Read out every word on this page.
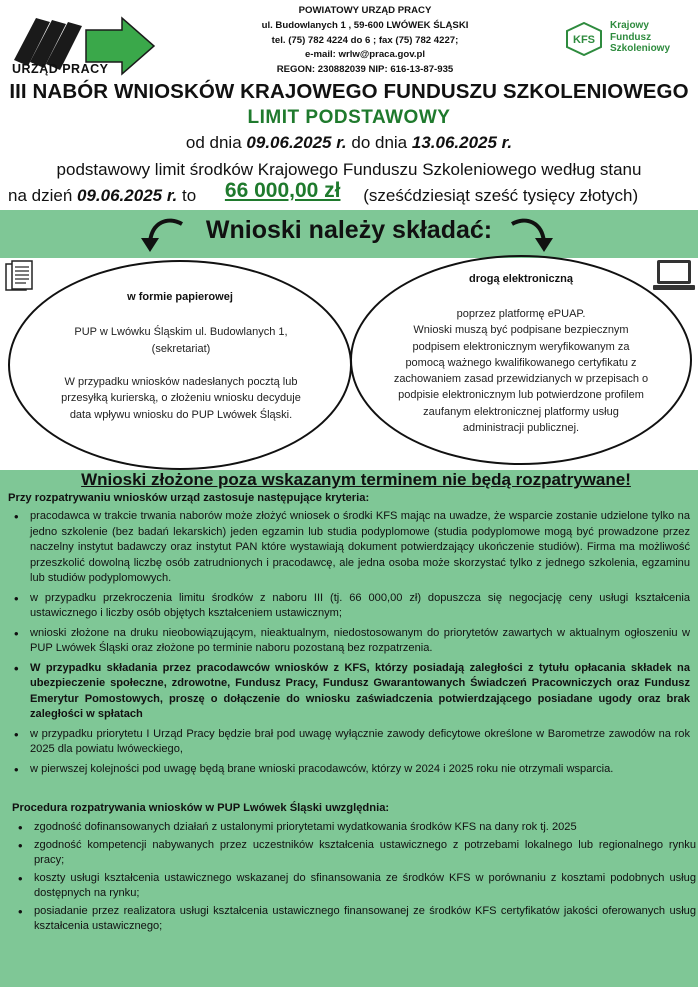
URZĄD PRACY
POWIATOWY URZĄD PRACY
ul. Budowlanych 1 , 59-600 LWÓWEK ŚLĄSKI
tel. (75) 782 4224 do 6 ; fax (75) 782 4227;
e-mail: wrlw@praca.gov.pl
REGON: 230882039 NIP: 616-13-87-935
KFS
Krajowy
Fundusz
Szkoleniowy
III NABÓR WNIOSKÓW KRAJOWEGO FUNDUSZU SZKOLENIOWEGO
LIMIT PODSTAWOWY
od dnia 09.06.2025 r. do dnia 13.06.2025 r.
podstawowy limit środków Krajowego Funduszu Szkoleniowego według stanu
na dzień 09.06.2025 r. to 66 000,00 zł (sześćdziesiąt sześć tysięcy złotych)
Wnioski należy składać:
w formie papierowej
PUP w Lwówku Śląskim ul. Budowlanych 1,
(sekretariat)

W przypadku wniosków nadesłanych pocztą lub
przesyłką kurierską, o złożeniu wniosku decyduje
data wpływu wniosku do PUP Lwówek Śląski.
drogą elektroniczną
poprzez platformę ePUAP.
Wnioski muszą być podpisane bezpiecznym
podpisem elektronicznym weryfikowanym za
pomocą ważnego kwalifikowanego certyfikatu z
zachowaniem zasad przewidzianych w przepisach o
podpisie elektronicznym lub potwierdzone profilem
zaufanym elektronicznej platformy usług
administracji publicznej.
Wnioski złożone poza wskazanym terminem nie będą rozpatrywane!
Przy rozpatrywaniu wniosków urząd zastosuje następujące kryteria:
• pracodawca w trakcie trwania naborów może złożyć wniosek o środki KFS mając na uwadze, że wsparcie zostanie udzielone tylko na jedno szkolenie (bez badań lekarskich) jeden egzamin lub studia podyplomowe (studia podyplomowe mogą być prowadzone przez naczelny instytut badawczy oraz instytut PAN które wystawiają dokument potwierdzający ukończenie studiów). Firma ma możliwość przeszkolić dowolną liczbę osób zatrudnionych i pracodawcę, ale jedna osoba może skorzystać tylko z jednego szkolenia, egzaminu lub studiów podyplomowych.
• w przypadku przekroczenia limitu środków z naboru III (tj. 66 000,00 zł) dopuszcza się negocjację ceny usługi kształcenia ustawicznego i liczby osób objętych kształceniem ustawicznym;
• wnioski złożone na druku nieobowiązującym, nieaktualnym, niedostosowanym do priorytetów zawartych w aktualnym ogłoszeniu w PUP Lwówek Śląski oraz złożone po terminie naboru pozostaną bez rozpatrzenia.
• W przypadku składania przez pracodawców wniosków z KFS, którzy posiadają zaległości z tytułu opłacania składek na ubezpieczenie społeczne, zdrowotne, Fundusz Pracy, Fundusz Gwarantowanych Świadczeń Pracowniczych oraz Fundusz Emerytur Pomostowych, proszę o dołączenie do wniosku zaświadczenia potwierdzającego posiadane ugody oraz brak zaległości w spłatach
• w przypadku priorytetu I Urząd Pracy będzie brał pod uwagę wyłącznie zawody deficytowe określone w Barometrze zawodów na rok 2025 dla powiatu lwóweckiego,
• w pierwszej kolejności pod uwagę będą brane wnioski pracodawców, którzy w 2024 i 2025 roku nie otrzymali wsparcia.
Procedura rozpatrywania wniosków w PUP Lwówek Śląski uwzględnia:
• zgodność dofinansowanych działań z ustalonymi priorytetami wydatkowania środków KFS na dany rok tj. 2025
• zgodność kompetencji nabywanych przez uczestników kształcenia ustawicznego z potrzebami lokalnego lub regionalnego rynku pracy;
• koszty usługi kształcenia ustawicznego wskazanej do sfinansowania ze środków KFS w porównaniu z kosztami podobnych usług dostępnych na rynku;
• posiadanie przez realizatora usługi kształcenia ustawicznego finansowanej ze środków KFS certyfikatów jakości oferowanych usług kształcenia ustawicznego;
